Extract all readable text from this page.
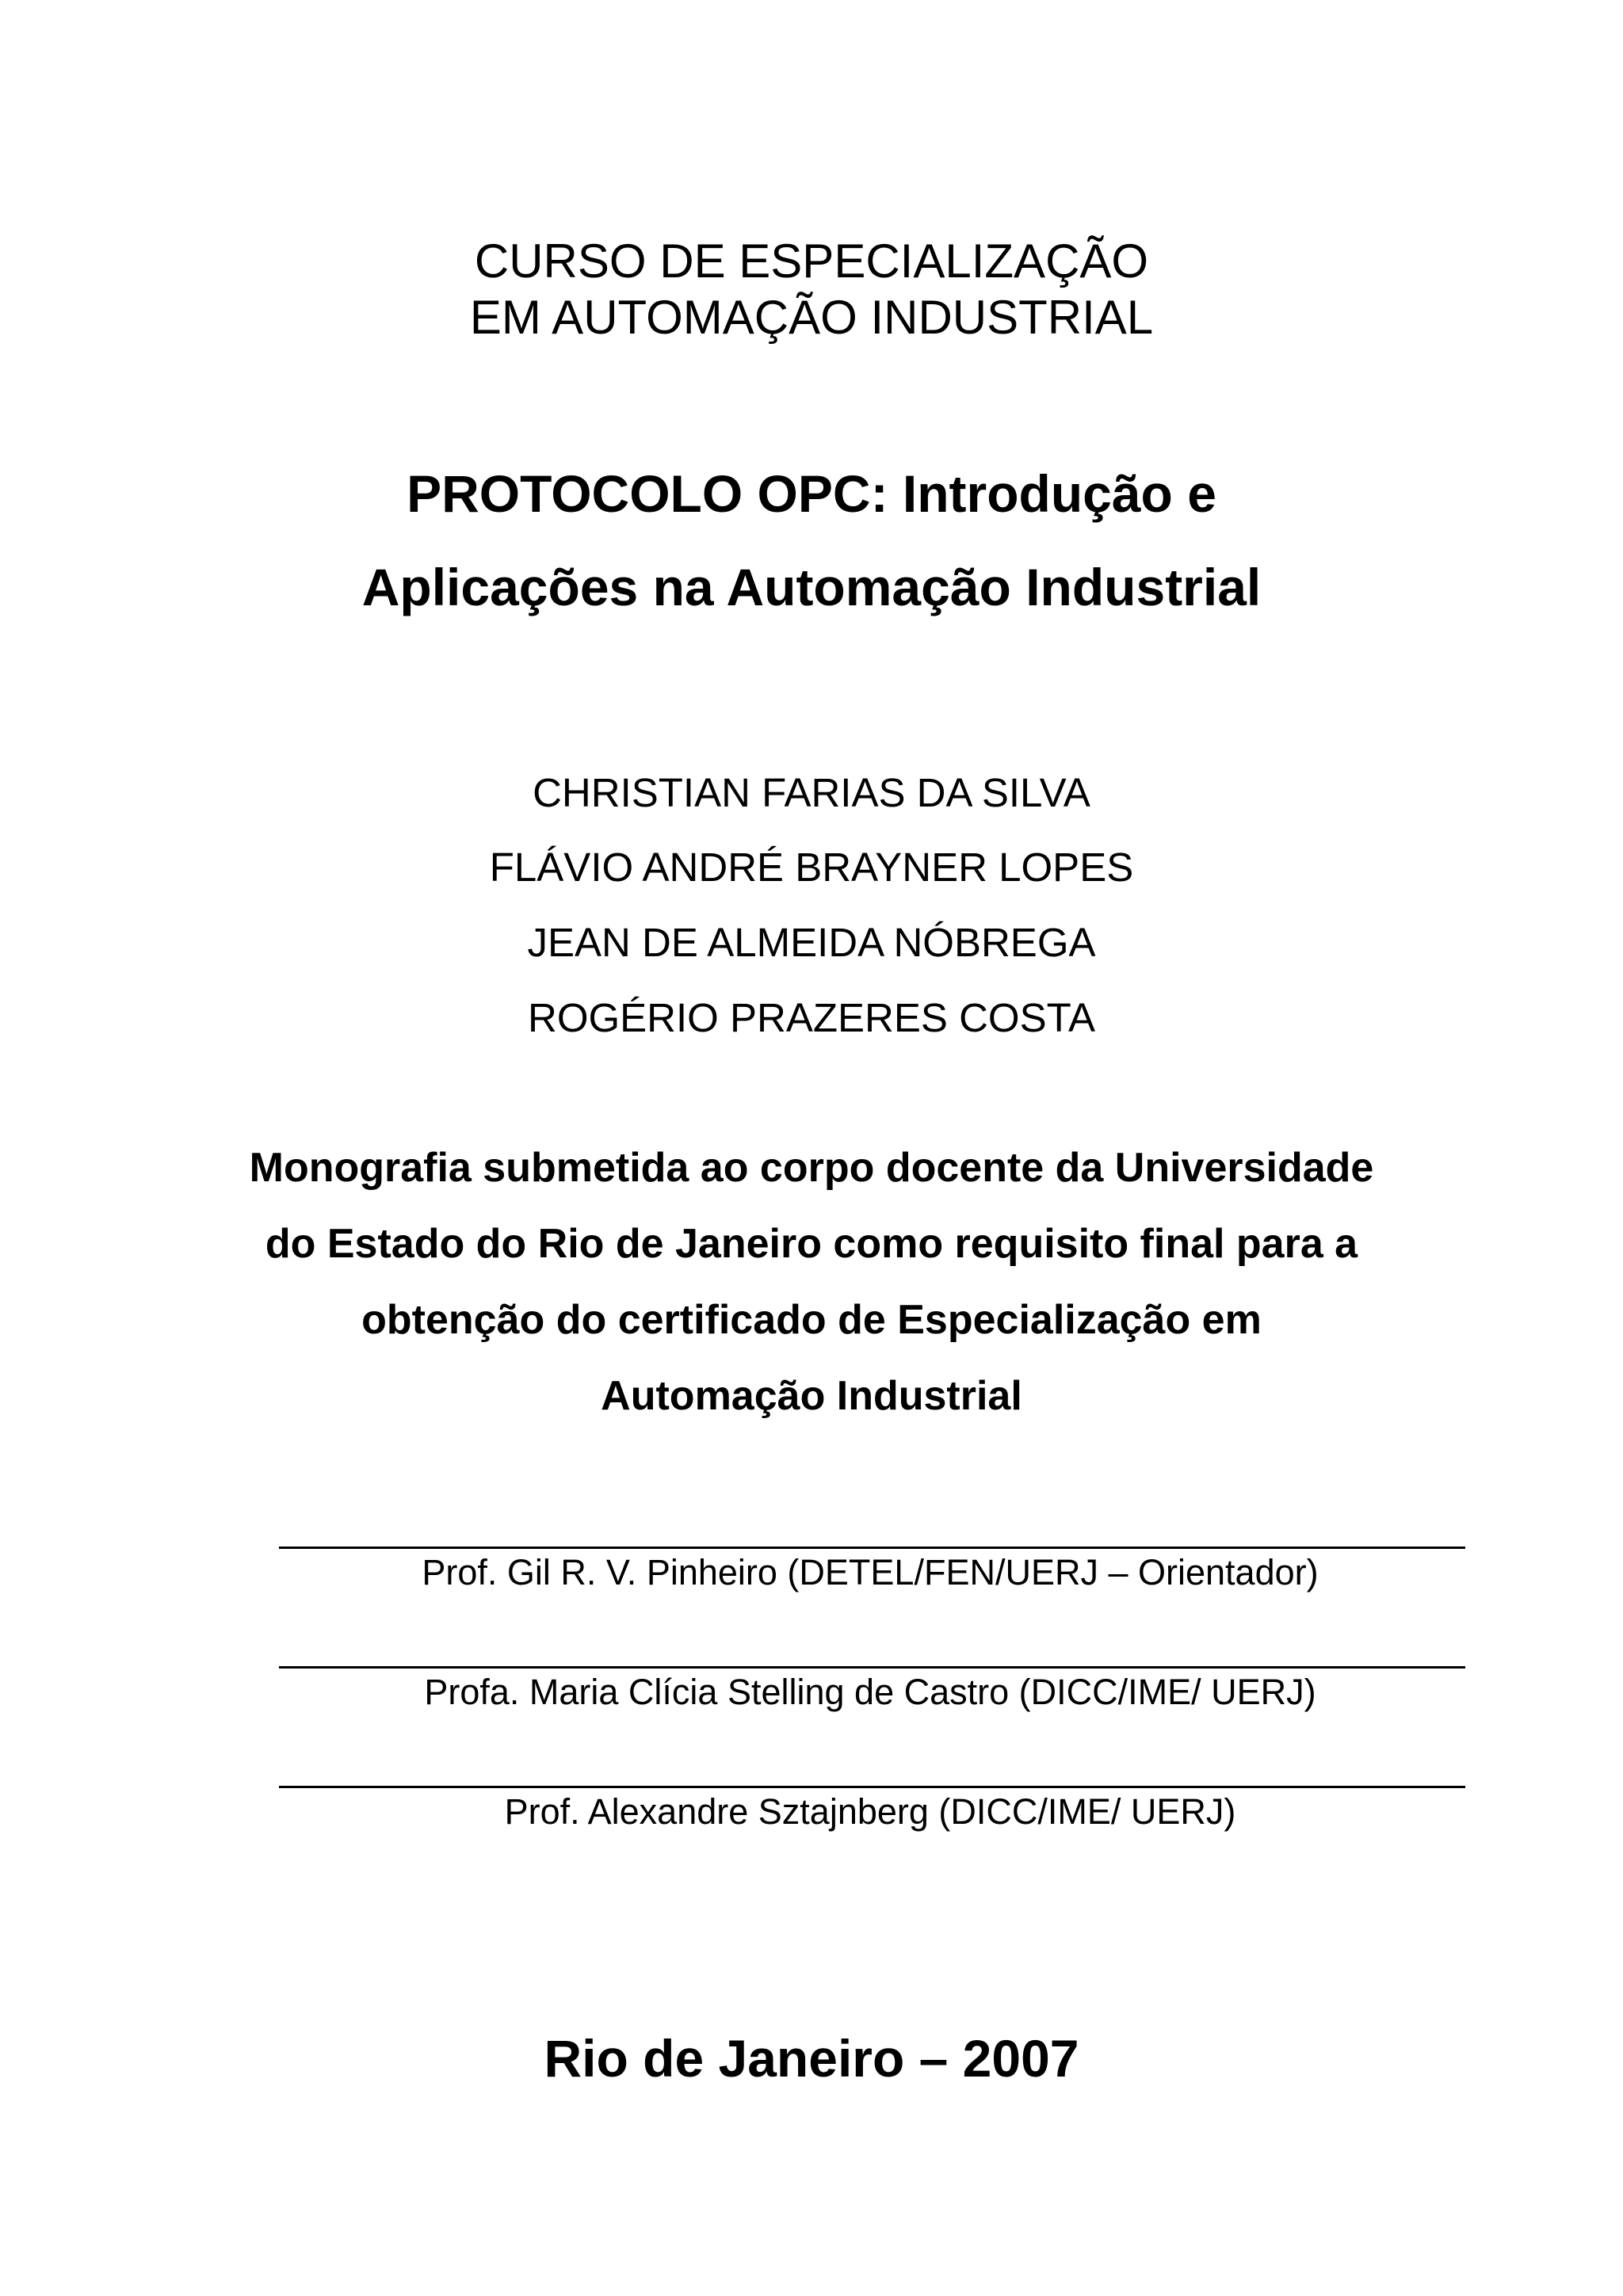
CURSO DE ESPECIALIZAÇÃO
EM AUTOMAÇÃO INDUSTRIAL
PROTOCOLO OPC: Introdução e
Aplicações na Automação Industrial
CHRISTIAN FARIAS DA SILVA
FLÁVIO ANDRÉ BRAYNER LOPES
JEAN DE ALMEIDA NÓBREGA
ROGÉRIO PRAZERES COSTA
Monografia submetida ao corpo docente da Universidade
do Estado do Rio de Janeiro como requisito final para a
obtenção do certificado de Especialização em
Automação Industrial
Prof. Gil R. V. Pinheiro (DETEL/FEN/UERJ – Orientador)
Profa. Maria Clícia Stelling de Castro (DICC/IME/ UERJ)
Prof. Alexandre Sztajnberg (DICC/IME/ UERJ)
Rio de Janeiro – 2007
